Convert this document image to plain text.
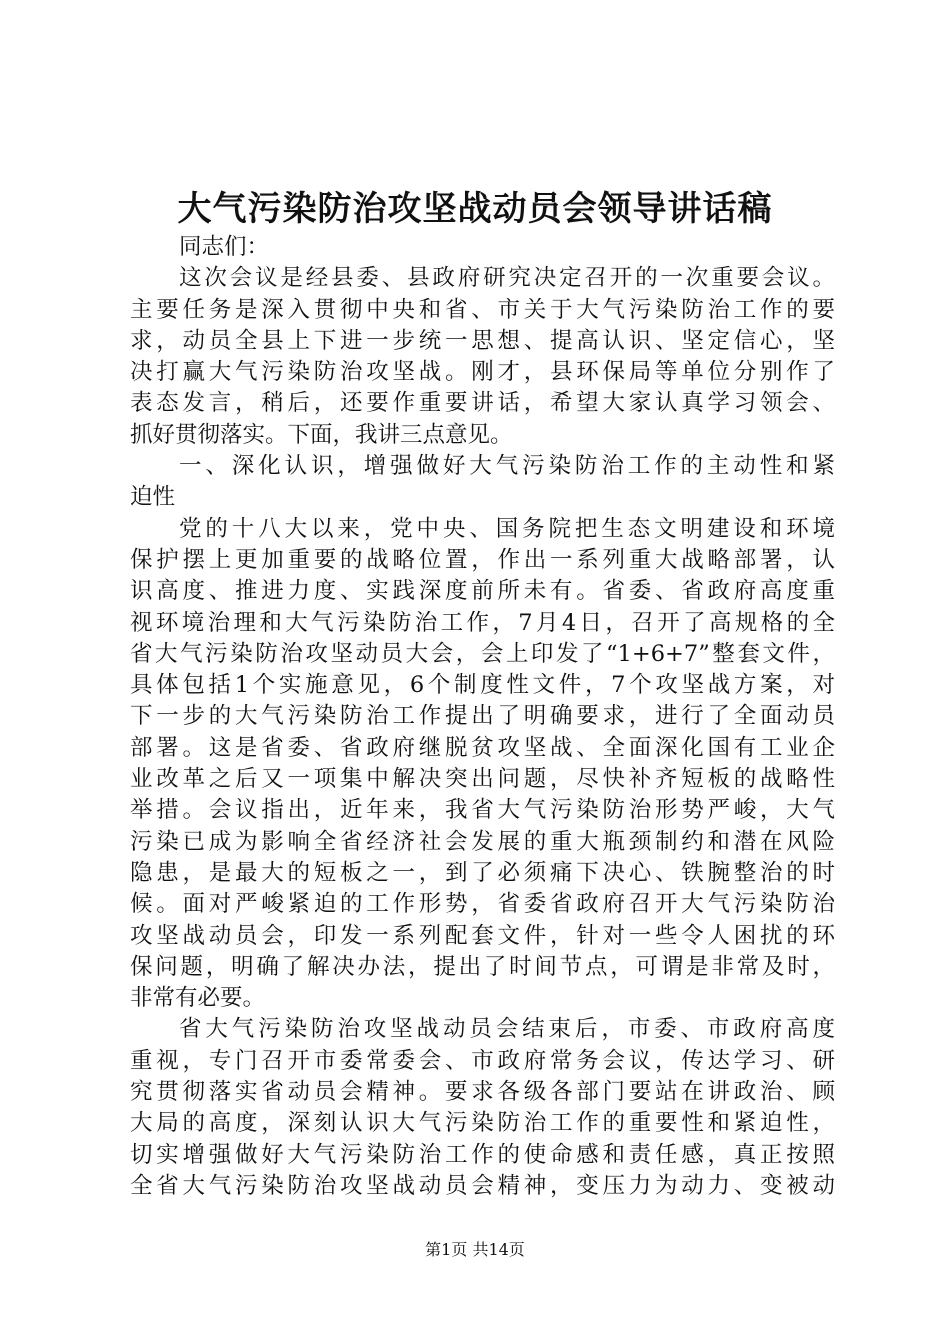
大气污染防治攻坚战动员会领导讲话稿
同志们：
这次会议是经县委、县政府研究决定召开的一次重要会议。
主要任务是深入贯彻中央和省、市关于大气污染防治工作的要
求，动员全县上下进一步统一思想、提高认识、坚定信心，坚
决打赢大气污染防治攻坚战。刚才，县环保局等单位分别作了
表态发言，稍后，还要作重要讲话，希望大家认真学习领会、
抓好贯彻落实。下面，我讲三点意见。
一、深化认识，增强做好大气污染防治工作的主动性和紧
迫性
党的十八大以来，党中央、国务院把生态文明建设和环境
保护摆上更加重要的战略位置，作出一系列重大战略部署，认
识高度、推进力度、实践深度前所未有。省委、省政府高度重
视环境治理和大气污染防治工作，7月4日，召开了高规格的全
省大气污染防治攻坚动员大会，会上印发了“1+6+7”整套文件，
具体包括1个实施意见，6个制度性文件，7个攻坚战方案，对
下一步的大气污染防治工作提出了明确要求，进行了全面动员
部署。这是省委、省政府继脱贫攻坚战、全面深化国有工业企
业改革之后又一项集中解决突出问题，尽快补齐短板的战略性
举措。会议指出，近年来，我省大气污染防治形势严峻，大气
污染已成为影响全省经济社会发展的重大瓶颈制约和潜在风险
隐患，是最大的短板之一，到了必须痛下决心、铁腕整治的时
候。面对严峻紧迫的工作形势，省委省政府召开大气污染防治
攻坚战动员会，印发一系列配套文件，针对一些令人困扰的环
保问题，明确了解决办法，提出了时间节点，可谓是非常及时，
非常有必要。
省大气污染防治攻坚战动员会结束后，市委、市政府高度
重视，专门召开市委常委会、市政府常务会议，传达学习、研
究贯彻落实省动员会精神。要求各级各部门要站在讲政治、顾
大局的高度，深刻认识大气污染防治工作的重要性和紧迫性，
切实增强做好大气污染防治工作的使命感和责任感，真正按照
全省大气污染防治攻坚战动员会精神，变压力为动力、变被动
第1页 共14页
